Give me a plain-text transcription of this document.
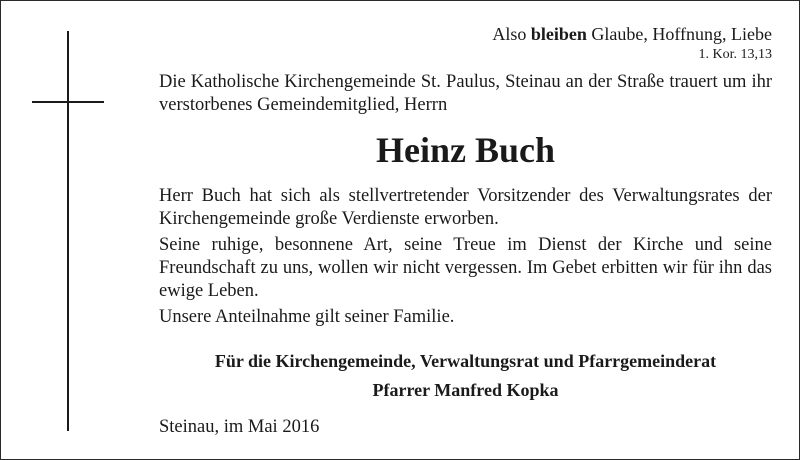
Also bleiben Glaube, Hoffnung, Liebe
1. Kor. 13,13
Die Katholische Kirchengemeinde St. Paulus, Steinau an der Straße trauert um ihr verstorbenes Gemeindemitglied, Herrn
Heinz Buch
Herr Buch hat sich als stellvertretender Vorsitzender des Verwaltungsrates der Kirchengemeinde große Verdienste erworben.
Seine ruhige, besonnene Art, seine Treue im Dienst der Kirche und seine Freundschaft zu uns, wollen wir nicht vergessen. Im Gebet erbitten wir für ihn das ewige Leben.
Unsere Anteilnahme gilt seiner Familie.
Für die Kirchengemeinde, Verwaltungsrat und Pfarrgemeinderat
Pfarrer Manfred Kopka
Steinau, im Mai 2016
